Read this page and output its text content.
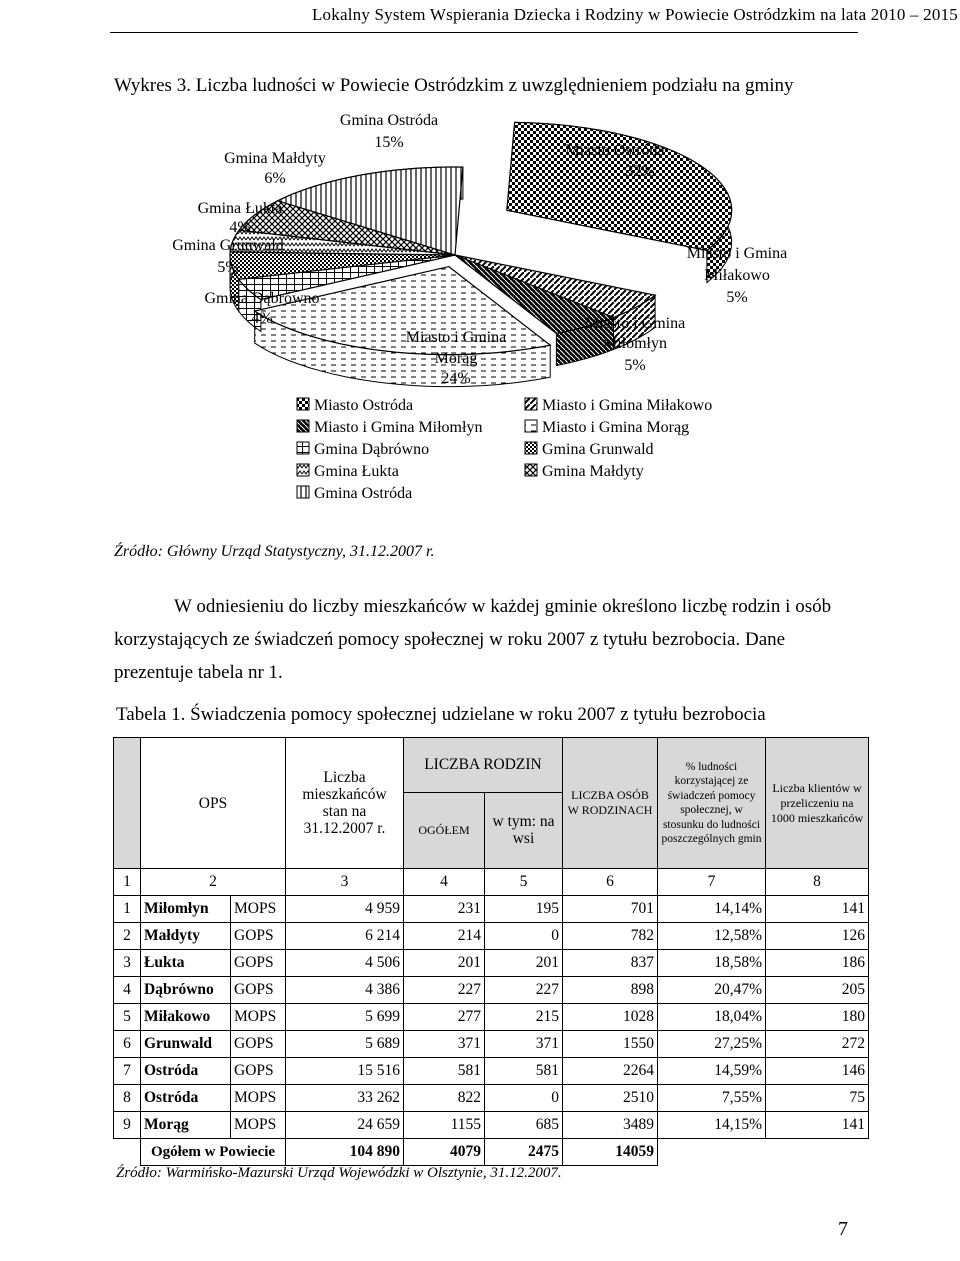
Lokalny System Wspierania Dziecka i Rodziny w Powiecie Ostródzkim na lata 2010 – 2015
Wykres 3. Liczba ludności w Powiecie Ostródzkim z uwzględnieniem podziału na gminy
Miasto Ostróda
32%
Miasto i Gmina
Miłakowo
5%
Miasto i Gmina
Miłomłyn
5%
Miasto i Gmina
Morąg
24%
Gmina Dąbrówno
4%
Gmina Grunwald
5%
Gmina Łukta
4%
Gmina Małdyty
6%
Gmina Ostróda
15%
Miasto Ostróda
Miasto i Gmina Miłomłyn
Gmina Dąbrówno
Gmina Łukta
Gmina Ostróda
Miasto i Gmina Miłakowo
Miasto i Gmina Morąg
Gmina Grunwald
Gmina Małdyty
Źródło: Główny Urząd Statystyczny, 31.12.2007 r.

W odniesieniu do liczby mieszkańców w każdej gminie określono liczbę rodzin i osób

korzystających ze świadczeń pomocy społecznej w roku 2007 z tytułu bezrobocia. Dane

prezentuje tabela nr 1.

Tabela 1. Świadczenia pomocy społecznej udzielane w roku 2007 z tytułu bezrobocia
	OPS		Liczba mieszkańców stan na 31.12.2007 r.	LICZBA RODZIN		LICZBA OSÓB W RODZINACH	% ludności korzystającej ze świadczeń pomocy społecznej, w stosunku do ludności poszczególnych gmin	Liczba klientów w przeliczeniu na 1000 mieszkańców
				OGÓŁEM	w tym: na wsi			
1	2		3	4	5	6	7	8
1	Miłomłyn	MOPS	4 959	231	195	701	14,14%	141
2	Małdyty	GOPS	6 214	214	0	782	12,58%	126
3	Łukta	GOPS	4 506	201	201	837	18,58%	186
4	Dąbrówno	GOPS	4 386	227	227	898	20,47%	205
5	Miłakowo	MOPS	5 699	277	215	1028	18,04%	180
6	Grunwald	GOPS	5 689	371	371	1550	27,25%	272
7	Ostróda	GOPS	15 516	581	581	2264	14,59%	146
8	Ostróda	MOPS	33 262	822	0	2510	7,55%	75
9	Morąg	MOPS	24 659	1155	685	3489	14,15%	141
	Ogółem w Powiecie		104 890	4079	2475	14059		
Źródło: Warmińsko-Mazurski Urząd Wojewódzki w Olsztynie, 31.12.2007.
7
